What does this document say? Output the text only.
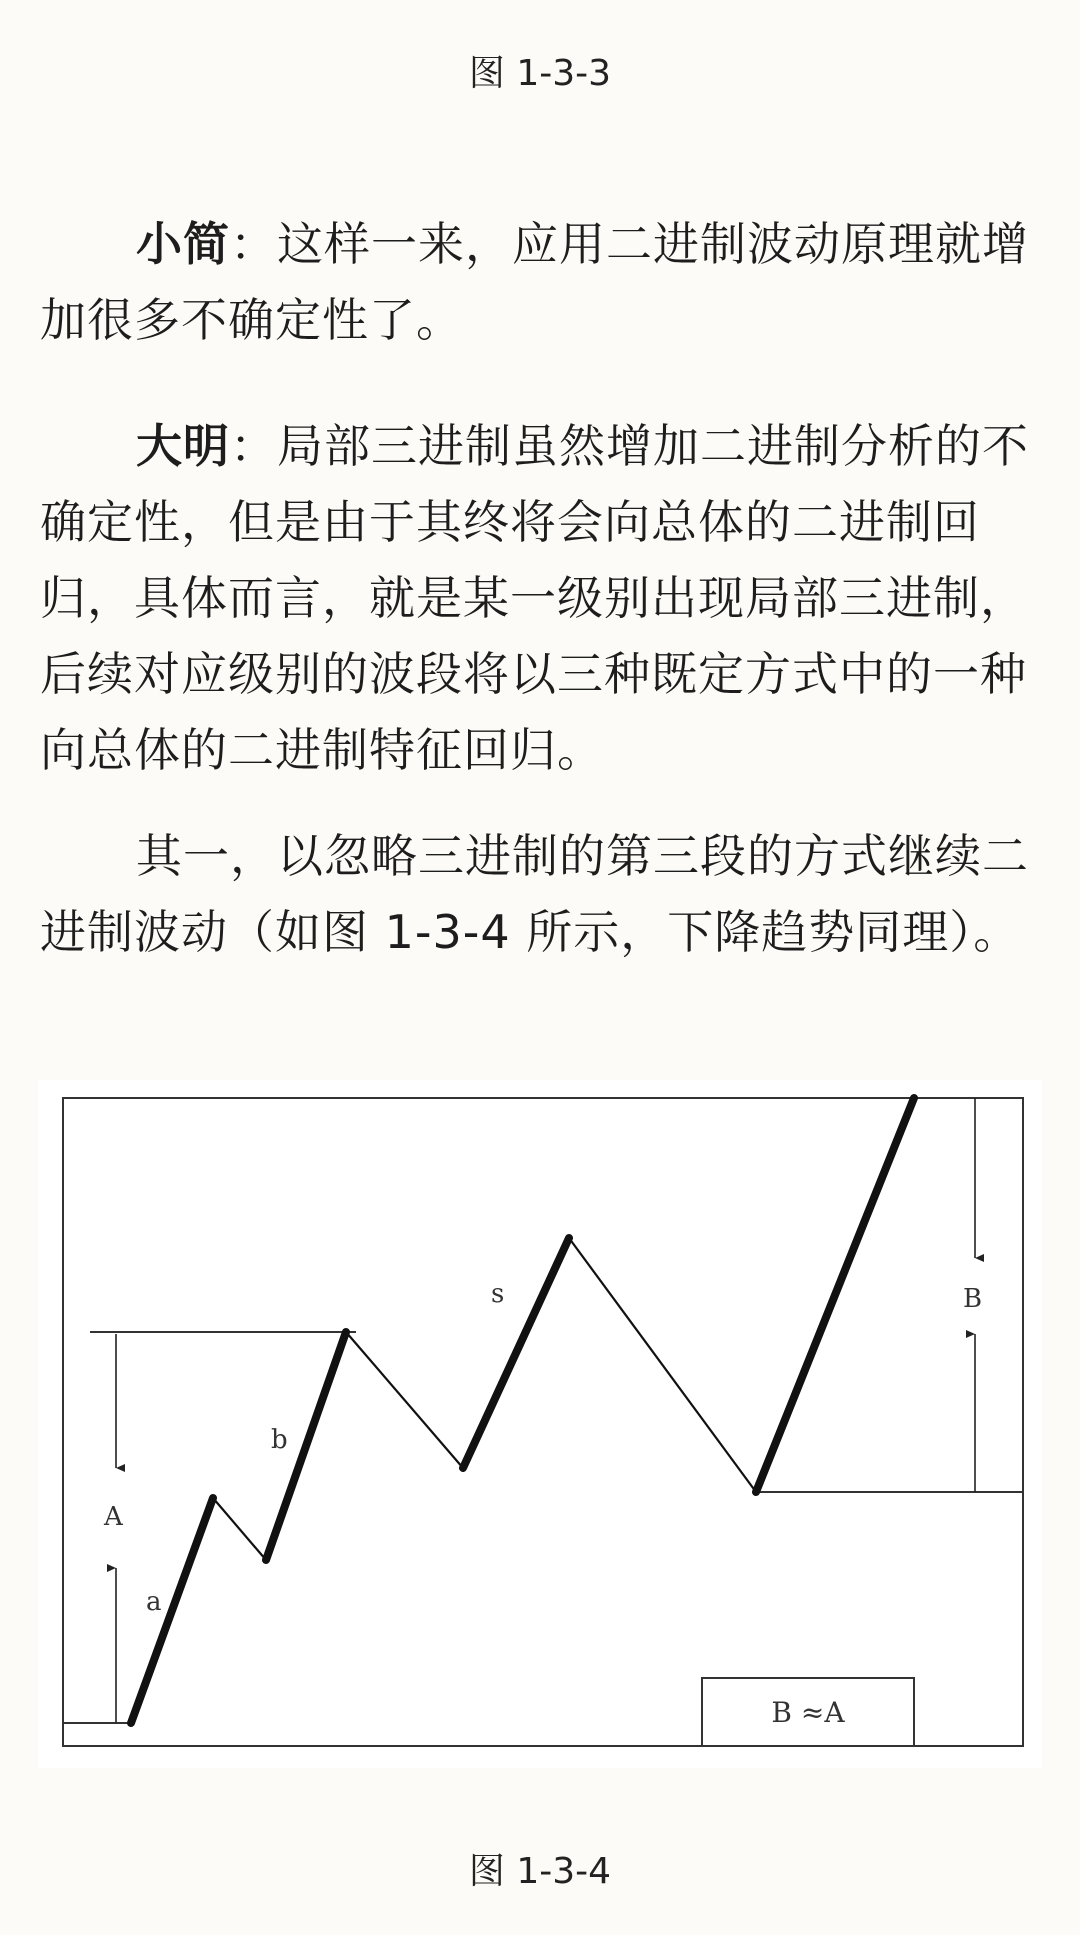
图 1-3-3

小简：这样一来，应用二进制波动原理就增加很多不确定性了。

大明：局部三进制虽然增加二进制分析的不确定性，但是由于其终将会向总体的二进制回归，具体而言，就是某一级别出现局部三进制，后续对应级别的波段将以三种既定方式中的一种向总体的二进制特征回归。

其一，以忽略三进制的第三段的方式继续二进制波动（如图 1-3-4 所示，下降趋势同理）。

a
b
s
A
B
B ≈A
图 1-3-4
